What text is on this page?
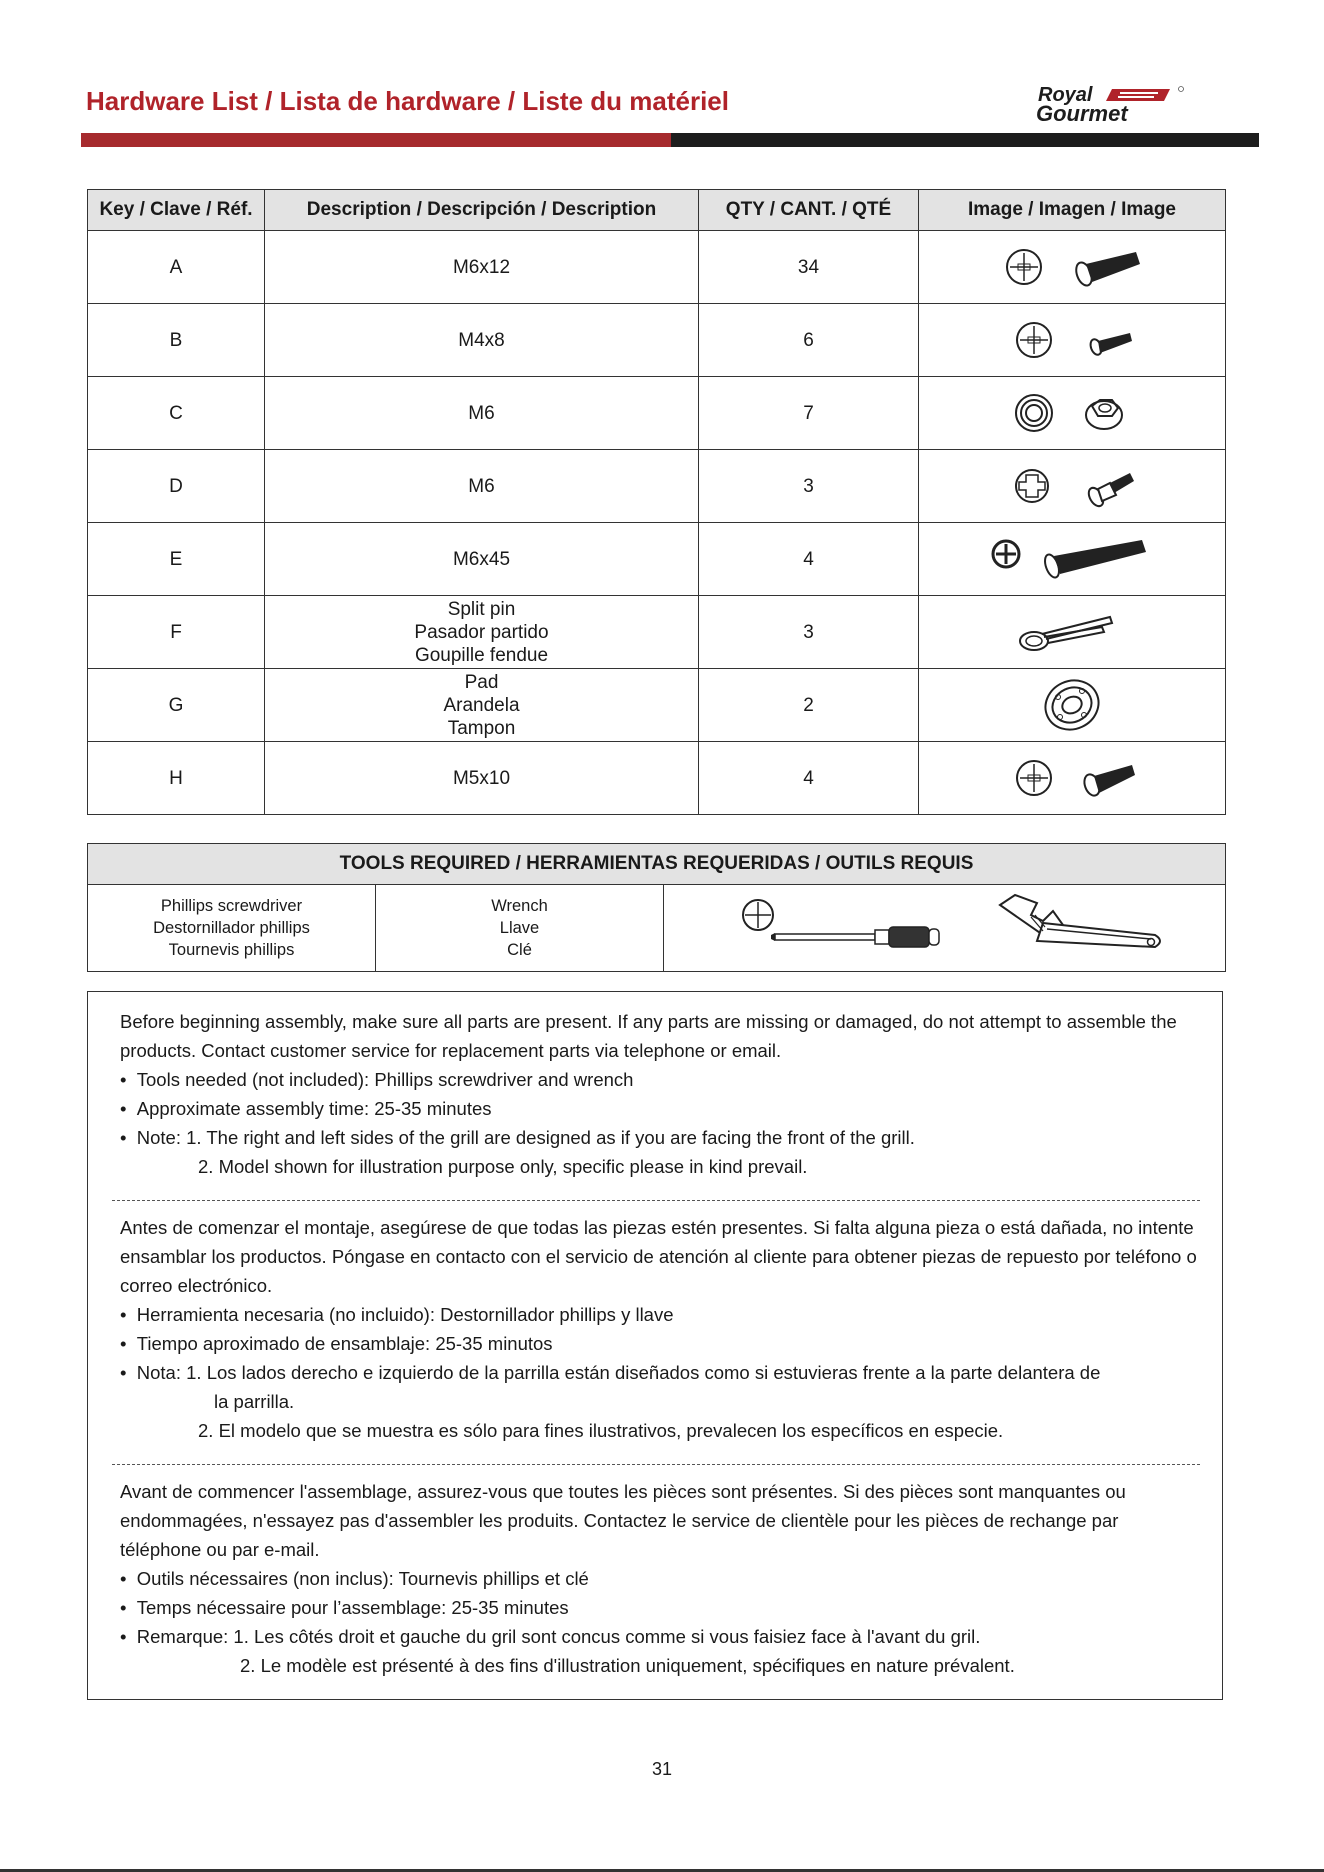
Hardware List / Lista de hardware / Liste du matériel	Royal
Gourmet
Key / Clave / Réf.	Description / Descripción / Description	QTY / CANT. / QTÉ	Image / Imagen / Image
A	M6x12	34	

B	M4x8	6	

C	M6	7	

D	M6	3	

E	M6x45	4	

F	Split pin
Pasador partido
Goupille fendue	3	

G	Pad
Arandela
Tampon	2	

H	M5x10	4	
TOOLS REQUIRED / HERRAMIENTAS REQUERIDAS / OUTILS REQUIS

Phillips screwdriver
Destornillador phillips
Tournevis phillips

Wrench
Llave
Clé

Before beginning assembly, make sure all parts are present. If any parts are missing or damaged, do not attempt to assemble the products. Contact customer service for replacement parts via telephone or email.

•  Tools needed (not included): Phillips screwdriver and wrench

•  Approximate assembly time: 25-35 minutes

•  Note: 1. The right and left sides of the grill are designed as if you are facing the front of the grill.

2. Model shown for illustration purpose only, specific please in kind prevail.

Antes de comenzar el montaje, asegúrese de que todas las piezas estén presentes. Si falta alguna pieza o está dañada, no intente ensamblar los productos. Póngase en contacto con el servicio de atención al cliente para obtener piezas de repuesto por teléfono o correo electrónico.

•  Herramienta necesaria (no incluido): Destornillador phillips y llave

•  Tiempo aproximado de ensamblaje: 25-35 minutos

•  Nota: 1. Los lados derecho e izquierdo de la parrilla están diseñados como si estuvieras frente a la parte delantera de

la parrilla.

2. El modelo que se muestra es sólo para fines ilustrativos, prevalecen los específicos en especie.

Avant de commencer l'assemblage, assurez-vous que toutes les pièces sont présentes. Si des pièces sont manquantes ou endommagées, n'essayez pas d'assembler les produits. Contactez le service de clientèle pour les pièces de rechange par téléphone ou par e-mail.

•  Outils nécessaires (non inclus): Tournevis phillips et clé

•  Temps nécessaire pour l’assemblage: 25-35 minutes

•  Remarque: 1. Les côtés droit et gauche du gril sont concus comme si vous faisiez face à l'avant du gril.

2. Le modèle est présenté à des fins d'illustration uniquement, spécifiques en nature prévalent.

31
